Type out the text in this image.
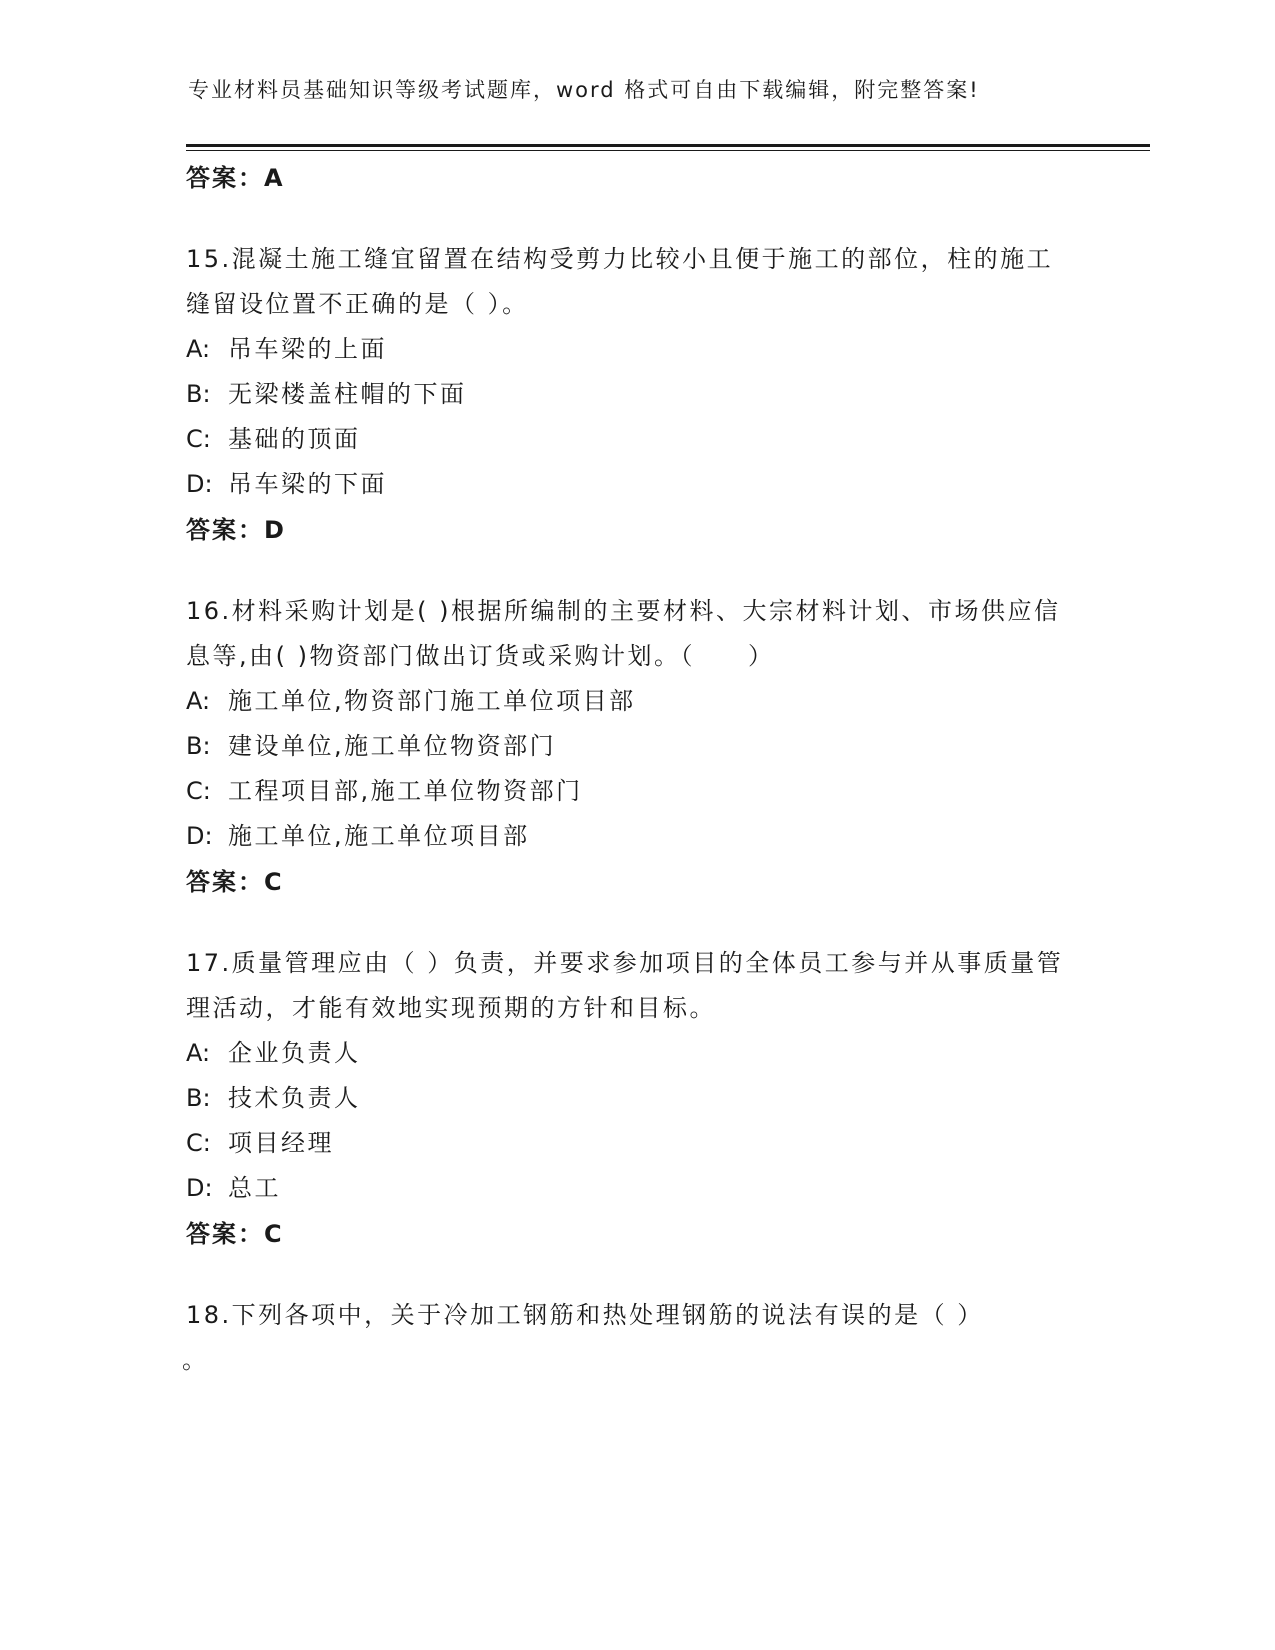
专业材料员基础知识等级考试题库，word 格式可自由下载编辑，附完整答案!
答案：A
15.混凝土施工缝宜留置在结构受剪力比较小且便于施工的部位，柱的施工缝留设位置不正确的是（ ）。
A: 吊车梁的上面
B: 无梁楼盖柱帽的下面
C: 基础的顶面
D: 吊车梁的下面
答案：D
16.材料采购计划是( )根据所编制的主要材料、大宗材料计划、市场供应信息等,由( )物资部门做出订货或采购计划。（　　）
A: 施工单位,物资部门施工单位项目部
B: 建设单位,施工单位物资部门
C: 工程项目部,施工单位物资部门
D: 施工单位,施工单位项目部
答案：C
17.质量管理应由（ ）负责，并要求参加项目的全体员工参与并从事质量管理活动，才能有效地实现预期的方针和目标。
A: 企业负责人
B: 技术负责人
C: 项目经理
D: 总工
答案：C
18.下列各项中，关于冷加工钢筋和热处理钢筋的说法有误的是（ ）
。
